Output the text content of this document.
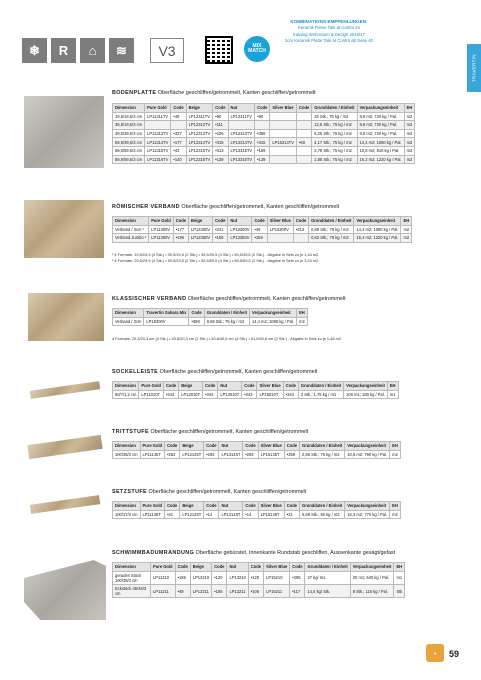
❄	R	⌂	≋	V3	MIX
MATCH
KOMBINATIONS-EMPFEHLUNGEN:
Keramik Fliese Tale at Contro im
Katalog Wohnraum & Design 2016/17
2cm Keramik Platte Tale at Contro ab Seite 40
TRAVERTIN
BODENPLATTE Oberfläche geschliffen/getrommelt, Kanten geschliffen/getrommelt
Dimension	Pure Gold	Code	Beige	Code	Nut	Code	Silver Blue	Code	Grunddaten / Einheit	Verpackungseinheit	EH
19,5/19,5/3 cm	LP11311TV	•49	LP12311TV	•90	LP13311TV	•90			25 Stk.; 75 kg / m2	9,8 m2; 720 kg / Pal.	m2
39,5/19,5/3 cm			LP12312TV	•111					12,5 Stk.; 75 kg / m2	9,8 m2; 720 kg / Pal.	m2
39,5/39,5/3 cm	LP11313TV	•327	LP12313TV	•106	LP13313TV	•358			6,25 Stk.; 75 kg / m2	9,8 m2; 720 kg / Pal.	m2
59,5/39,5/3 cm	LP11314TV	•177	LP12314TV	•315	LP13314TV	•315	LP15314TV	•60	4,17 Stk.; 75 kg / m2	14,4 m2; 1080 kg / Pal.	m2
59,5/59,5/3 cm	LP11315TV	•43	LP12315TV	•313	LP13315TV	•159			2,78 Stk.; 75 kg / m2	10,8 m2; 810 kg / Pal.	m2
89,5/59,5/3 cm	LP11316TV	•140	LP12316TV	•139	LP13316TV	•139			1,85 Stk.; 75 kg / m2	16,2 m2; 1220 kg / Pal.	m2
RÖMISCHER VERBAND Oberfläche geschliffen/getrommelt, Kanten geschliffen/getrommelt
Dimension	Pure Gold	Code	Beige	Code	Nut	Code	Silver Blue	Code	Grunddaten / Einheit	Verpackungseinheit	EH
Verband / 3cm ¹	LP11300V	•177	LP12300V	•341	LP13300V	•49	LP15300V	•313	0,69 Stk.; 75 kg / m2	14,4 m2; 1080 kg / Pal.	m2
Verband Jumbo ²	LP11350V	•196	LP12350V	•159	LP13350V	•159			0,62 Stk.; 75 kg / m2	16,2 m2; 1220 kg / Pal.	m2
¹ 4 Formate: 19,5/19,5 (4 Stk.) • 39,5/19,5 (2 Stk.) • 39,5/39,5 (4 Stk.) • 59,5/39,5 (2 Stk.) - Abgabe in Sets zu je 1,44 m2
² 4 Formate: 29,5/29,5 (4 Stk.) • 59,5/29,5 (2 Stk.) • 59,5/59,5 (4 Stk.) • 89,5/59,5 (2 Stk.) - Abgabe in Sets zu je 3,24 m2
KLASSISCHER VERBAND Oberfläche geschliffen/getrommelt, Kanten geschliffen/getrommelt
Dimension	Travertin Sahara Mix	Code	Grunddaten / Einheit	Verpackungseinheit	EH
Verband / 3cm	LP19300V	•388	0,69 Stk.; 75 kg / m2	14,4 m2; 1080 kg / Pal.	m2
4 Formate: 20,3/20,3 cm (4 Stk.) • 40,6/20,3 cm (2 Stk.) • 40,6/40,6 cm (4 Stk.) • 61,0/40,6 cm (2 Stk.) - Abgabe in Sets zu je 1,48 m2
SOCKELLEISTE Oberfläche geschliffen/getrommelt, Kanten geschliffen/getrommelt
Dimension	Pure Gold	Code	Beige	Code	Nut	Code	Silver Blue	Code	Grunddaten / Einheit	Verpackungseinheit	EH
50/7/1,2 cm	LP11010T	•343	LP12010T	•343	LP13010T	•343	LP15010T	•343	2 Stk.; 1,75 kg / m1	100 m1; 180 kg / Pal.	m1
TRITTSTUFE Oberfläche geschliffen/getrommelt, Kanten geschliffen/getrommelt
Dimension	Pure Gold	Code	Beige	Code	Nut	Code	Silver Blue	Code	Grunddaten / Einheit	Verpackungseinheit	EH
100/35/3 cm	LP11145T	•252	LP12145T	•292	LP13145T	•292	LP15145T	•259	2,86 Stk.; 75 kg / m2	10,5 m2; 790 kg / Pal.	m2
SETZSTUFE Oberfläche geschliffen/getrommelt, Kanten geschliffen/getrommelt
Dimension	Pure Gold	Code	Beige	Code	Nut	Code	Silver Blue	Code	Grunddaten / Einheit	Verpackungseinheit	EH
100/17/2 cm	LP11148T	•21	LP12148T	•14	LP13148T	•14	LP15148T	•21	5,88 Stk.; 50 kg / m2	15,3 m2; 770 kg / Pal.	m2
SCHWIMMBADUMRANDUNG Oberfläche gebürstet, Innenkante Rundstab geschliffen, Aussenkante gesägt/gefast
Dimension	Pure Gold	Code	Beige	Code	Nut	Code	Silver Blue	Code	Grunddaten / Einheit	Verpackungseinheit	EH
gerades Stück 100/35/3 cm	LP11210	•159	LP12210	•120	LP13210	•120	LP15210	•295	27 kg/ m1	20 m1; 540 kg / Pal.	m1
Eckstück 45/45/3 cm	LP11211	•49	LP12211	•106	LP13211	•106	LP15211	•117	14,5 kg/ Stk.	8 Stk.; 116 kg / Pal.	Stk
✦	59
